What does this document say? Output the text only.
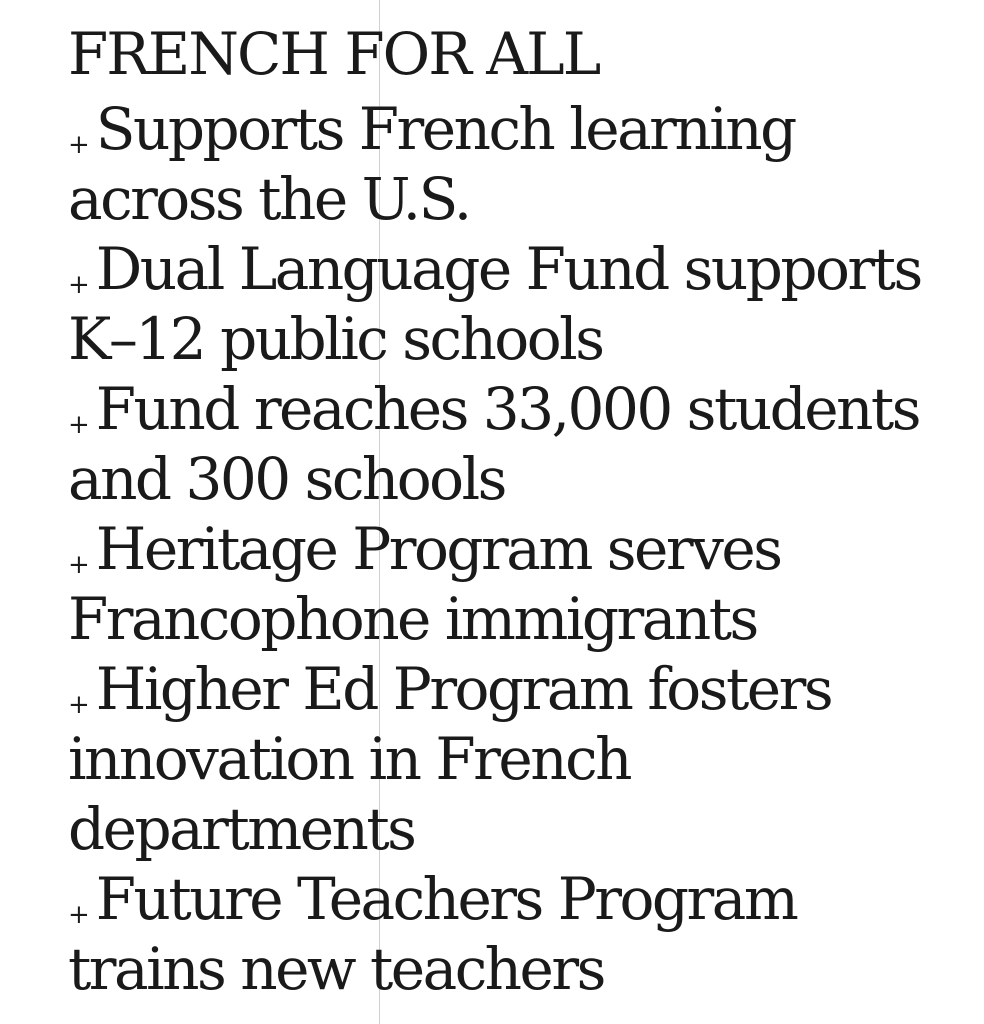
FRENCH FOR ALL
+ Supports French learning across the U.S.
+ Dual Language Fund supports K–12 public schools
+ Fund reaches 33,000 students and 300 schools
+ Heritage Program serves Francophone immigrants
+ Higher Ed Program fosters innovation in French departments
+ Future Teachers Program trains new teachers
